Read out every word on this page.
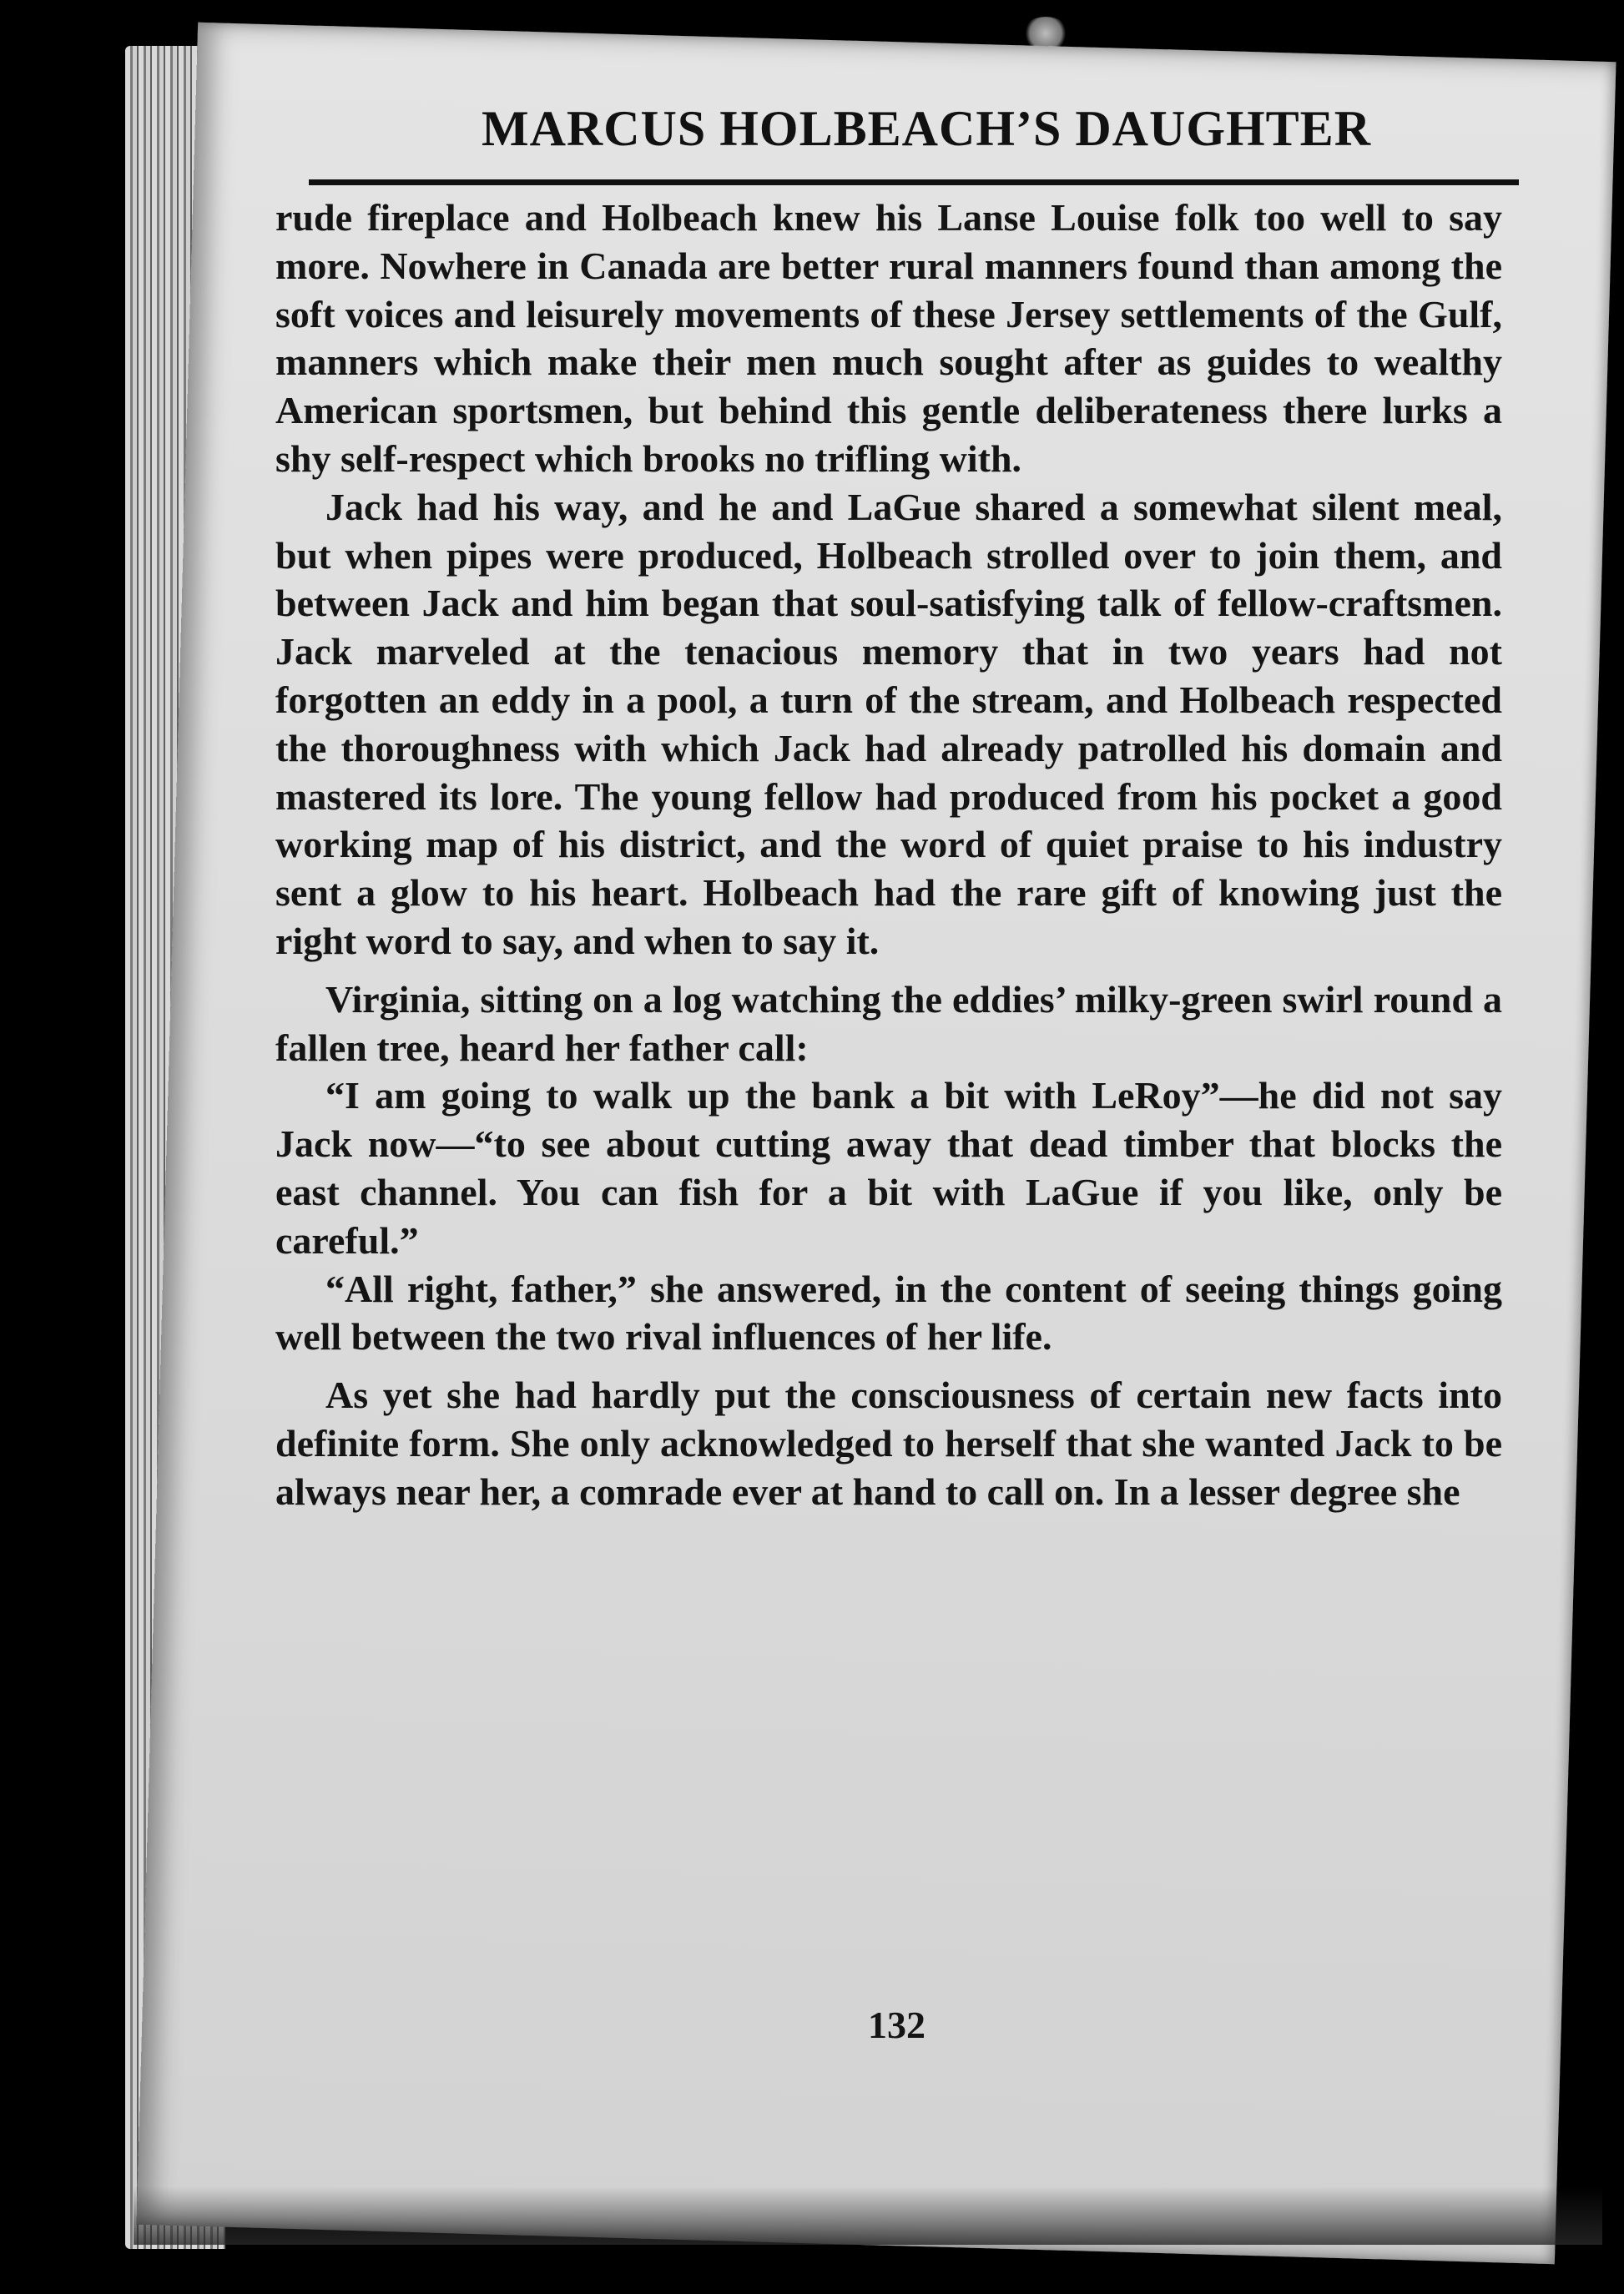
MARCUS HOLBEACH’S DAUGHTER

rude fireplace and Holbeach knew his Lanse Louise folk too well to say more. Nowhere in Canada are better rural manners found than among the soft voices and leisurely movements of these Jersey settlements of the Gulf, manners which make their men much sought after as guides to wealthy American sportsmen, but behind this gentle deliberateness there lurks a shy self-respect which brooks no trifling with.

Jack had his way, and he and LaGue shared a somewhat silent meal, but when pipes were produced, Holbeach strolled over to join them, and between Jack and him began that soul-satisfying talk of fellow-craftsmen. Jack marveled at the tenacious memory that in two years had not forgotten an eddy in a pool, a turn of the stream, and Holbeach respected the thoroughness with which Jack had already patrolled his domain and mastered its lore. The young fellow had produced from his pocket a good working map of his district, and the word of quiet praise to his industry sent a glow to his heart. Holbeach had the rare gift of knowing just the right word to say, and when to say it.

Virginia, sitting on a log watching the eddies’ milky-green swirl round a fallen tree, heard her father call:

“I am going to walk up the bank a bit with LeRoy”—he did not say Jack now—“to see about cutting away that dead timber that blocks the east channel. You can fish for a bit with LaGue if you like, only be careful.”

“All right, father,” she answered, in the content of seeing things going well between the two rival influences of her life.

As yet she had hardly put the consciousness of certain new facts into definite form. She only acknowledged to herself that she wanted Jack to be always near her, a comrade ever at hand to call on. In a lesser degree she

132
